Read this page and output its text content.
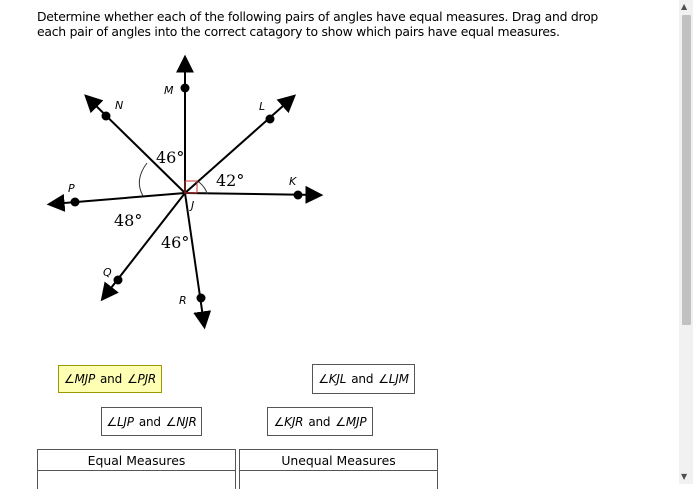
Determine whether each of the following pairs of angles have equal measures. Drag and drop each pair of angles into the correct catagory to show which pairs have equal measures.
M
N	L
P
K
J
Q
R
46°
42°
48°
46°
∠MJP and ∠PJR	∠KJL and ∠LJM
∠LJP and ∠NJR	∠KJR and ∠MJP
Equal Measures	Unequal Measures
▲
▼
